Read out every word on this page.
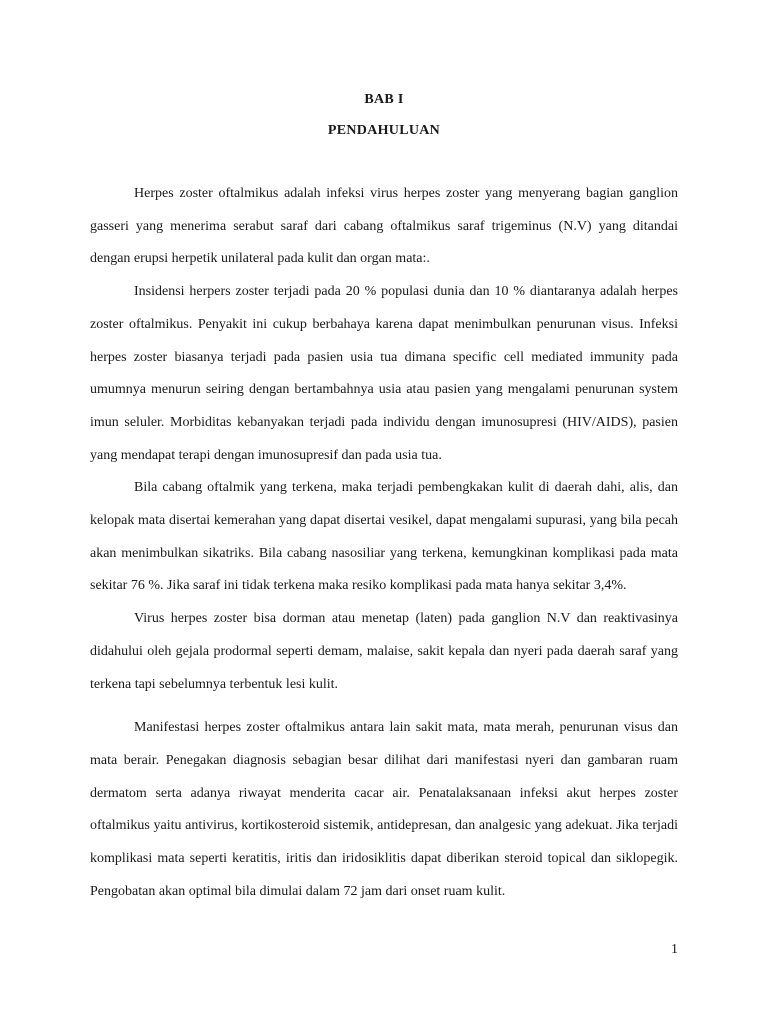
BAB I
PENDAHULUAN

Herpes zoster oftalmikus adalah infeksi virus herpes zoster yang menyerang bagian ganglion gasseri yang menerima serabut saraf dari cabang oftalmikus saraf trigeminus (N.V) yang ditandai dengan erupsi herpetik unilateral pada kulit dan organ mata:.

Insidensi herpers zoster terjadi pada 20 % populasi dunia dan 10 % diantaranya adalah herpes zoster oftalmikus. Penyakit ini cukup berbahaya karena dapat menimbulkan penurunan visus. Infeksi herpes zoster biasanya terjadi pada pasien usia tua dimana specific cell mediated immunity pada umumnya menurun seiring dengan bertambahnya usia atau pasien yang mengalami penurunan system imun seluler. Morbiditas kebanyakan terjadi pada individu dengan imunosupresi (HIV/AIDS), pasien yang mendapat terapi dengan imunosupresif dan pada usia tua.

Bila cabang oftalmik yang terkena, maka terjadi pembengkakan kulit di daerah dahi, alis, dan kelopak mata disertai kemerahan yang dapat disertai vesikel, dapat mengalami supurasi, yang bila pecah akan menimbulkan sikatriks. Bila cabang nasosiliar yang terkena, kemungkinan komplikasi pada mata sekitar 76 %. Jika saraf ini tidak terkena maka resiko komplikasi pada mata hanya sekitar 3,4%.

Virus herpes zoster bisa dorman atau menetap (laten) pada ganglion N.V dan reaktivasinya didahului oleh gejala prodormal seperti demam, malaise, sakit kepala dan nyeri pada daerah saraf yang terkena tapi sebelumnya terbentuk lesi kulit.

Manifestasi herpes zoster oftalmikus antara lain sakit mata, mata merah, penurunan visus dan mata berair. Penegakan diagnosis sebagian besar dilihat dari manifestasi nyeri dan gambaran ruam dermatom serta adanya riwayat menderita cacar air. Penatalaksanaan infeksi akut herpes zoster oftalmikus yaitu antivirus, kortikosteroid sistemik, antidepresan, dan analgesic yang adekuat. Jika terjadi komplikasi mata seperti keratitis, iritis dan iridosiklitis dapat diberikan steroid topical dan siklopegik. Pengobatan akan optimal bila dimulai dalam 72 jam dari onset ruam kulit.

1
